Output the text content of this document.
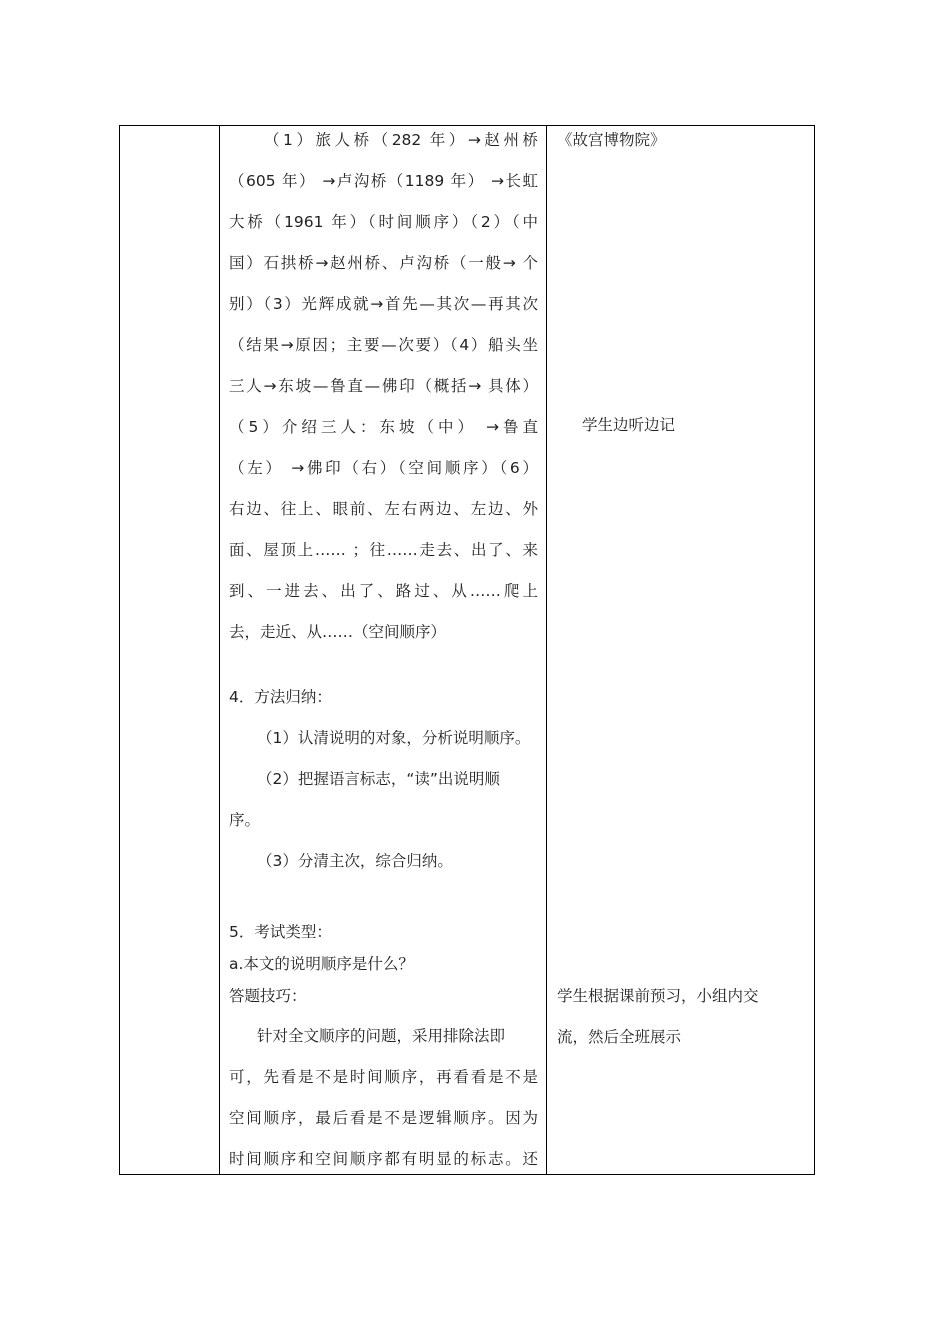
（1）旅人桥（282 年）→赵州桥
（605 年） →卢沟桥（1189 年） →长虹
大桥（1961 年）（时间顺序）（2）（中
国）石拱桥→赵州桥、卢沟桥（一般→ 个
别）（3）光辉成就→首先—其次—再其次
（结果→原因；主要—次要）（4）船头坐
三人→东坡—鲁直—佛印（概括→ 具体）
（5）介绍三人：东坡（中） →鲁直
（左） →佛印（右）（空间顺序）（6）
右边、往上、眼前、左右两边、左边、外
面、屋顶上…… ；往……走去、出了、来
到、一进去、出了、路过、从……爬上
去，走近、从……（空间顺序）
4．方法归纳：
（1）认清说明的对象，分析说明顺序。
（2）把握语言标志，“读”出说明顺
序。
（3）分清主次，综合归纳。
5．考试类型：
a.本文的说明顺序是什么？
答题技巧：
针对全文顺序的问题，采用排除法即
可，先看是不是时间顺序，再看看是不是
空间顺序，最后看是不是逻辑顺序。因为
时间顺序和空间顺序都有明显的标志。还
《故宫博物院》
学生边听边记
学生根据课前预习，小组内交
流，然后全班展示
